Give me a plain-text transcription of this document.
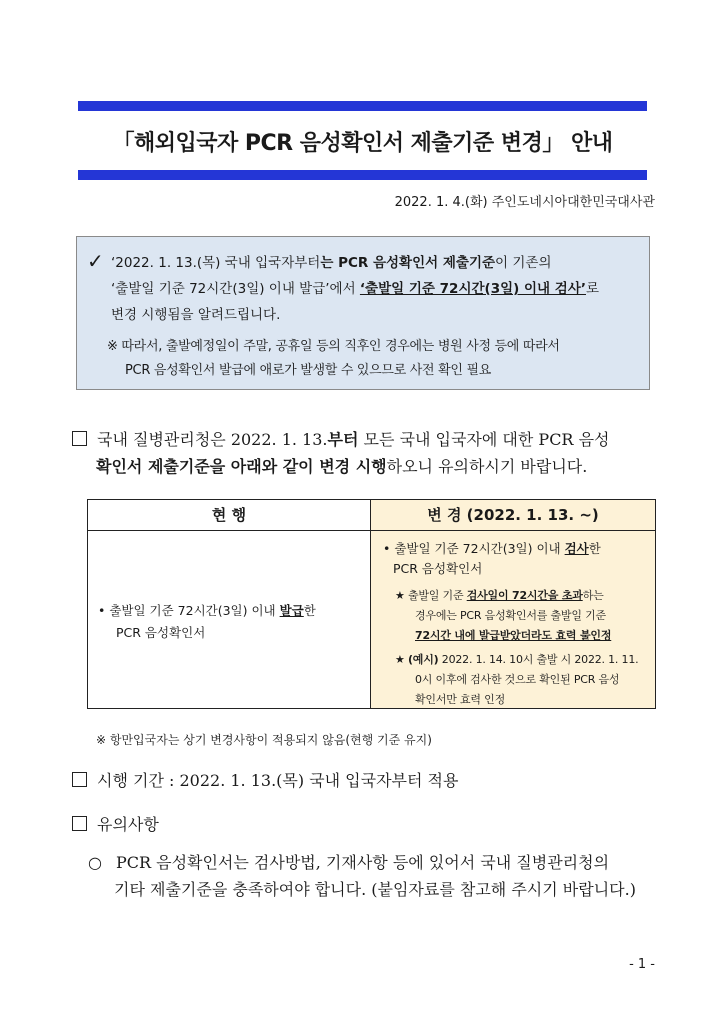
「해외입국자 PCR 음성확인서 제출기준 변경」 안내
2022. 1. 4.(화) 주인도네시아대한민국대사관
✓ ‘2022. 1. 13.(목) 국내 입국자부터는 PCR 음성확인서 제출기준이 기존의
‘출발일 기준 72시간(3일) 이내 발급’에서 ‘출발일 기준 72시간(3일) 이내 검사’로
변경 시행됨을 알려드립니다.
※ 따라서, 출발예정일이 주말, 공휴일 등의 직후인 경우에는 병원 사정 등에 따라서
PCR 음성확인서 발급에 애로가 발생할 수 있으므로 사전 확인 필요
국내 질병관리청은 2022. 1. 13.부터 모든 국내 입국자에 대한 PCR 음성
확인서 제출기준을 아래와 같이 변경 시행하오니 유의하시기 바랍니다.
현 행	변 경 (2022. 1. 13. ~)
• 출발일 기준 72시간(3일) 이내 발급한
PCR 음성확인서
• 출발일 기준 72시간(3일) 이내 검사한
PCR 음성확인서
★ 출발일 기준 검사일이 72시간을 초과하는
경우에는 PCR 음성확인서를 출발일 기준
72시간 내에 발급받았더라도 효력 불인정
★ (예시) 2022. 1. 14. 10시 출발 시 2022. 1. 11.
0시 이후에 검사한 것으로 확인된 PCR 음성
확인서만 효력 인정
※ 항만입국자는 상기 변경사항이 적용되지 않음(현행 기준 유지)
시행 기간 : 2022. 1. 13.(목) 국내 입국자부터 적용
유의사항
○ PCR 음성확인서는 검사방법, 기재사항 등에 있어서 국내 질병관리청의
기타 제출기준을 충족하여야 합니다. (붙임자료를 참고해 주시기 바랍니다.)
- 1 -
